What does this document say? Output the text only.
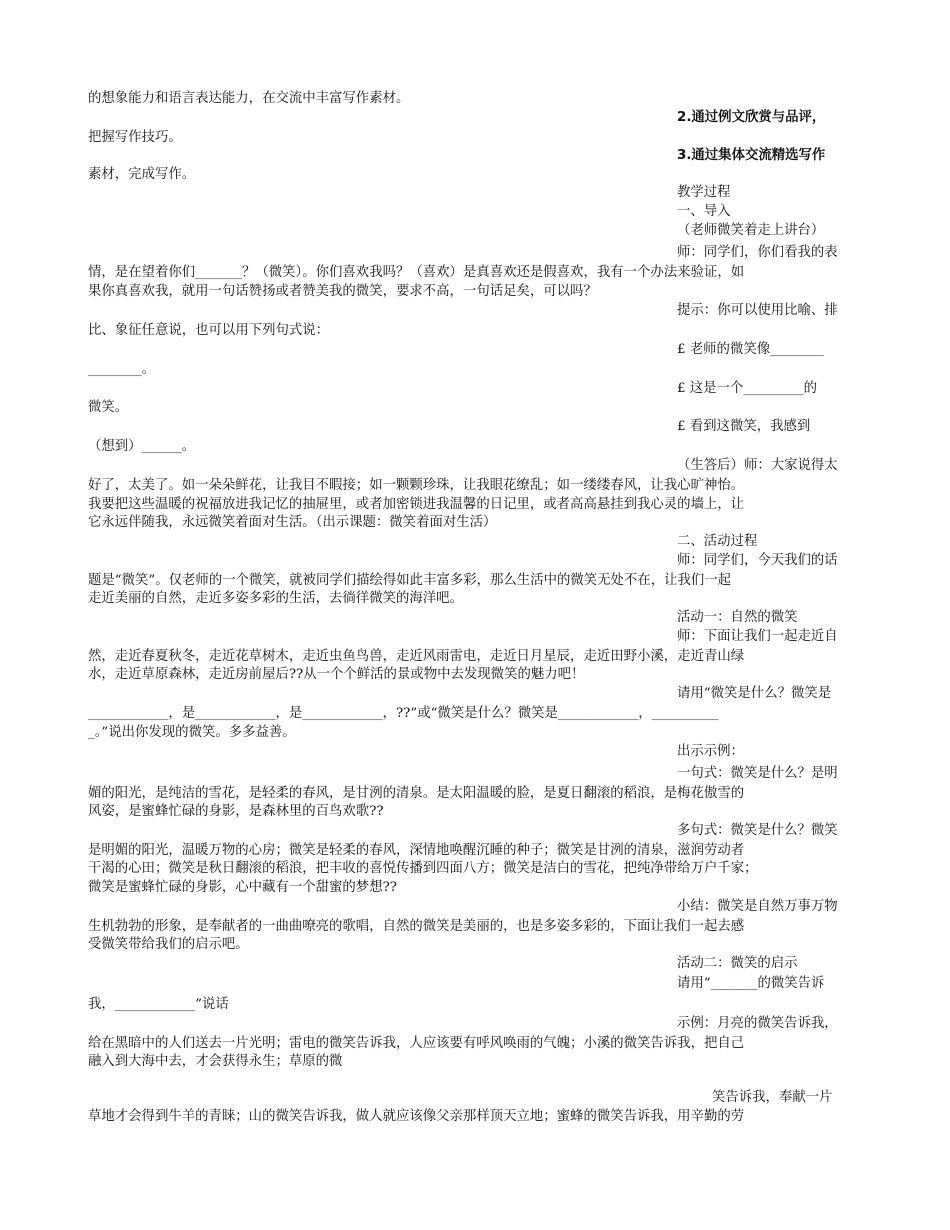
的想象能力和语言表达能力，在交流中丰富写作素材。
2.通过例文欣赏与品评，
把握写作技巧。
3.通过集体交流精选写作
素材，完成写作。
教学过程
一、导入
（老师微笑着走上讲台）
师：同学们，你们看我的表
情，是在望着你们_______？（微笑）。你们喜欢我吗？（喜欢）是真喜欢还是假喜欢，我有一个办法来验证，如
果你真喜欢我，就用一句话赞扬或者赞美我的微笑，要求不高，一句话足矣，可以吗？
提示：你可以使用比喻、排
比、象征任意说，也可以用下列句式说：
£ 老师的微笑像________
________。
£ 这是一个_________的
微笑。
£ 看到这微笑，我感到
（想到）______。
（生答后）师：大家说得太
好了，太美了。如一朵朵鲜花，让我目不暇接；如一颗颗珍珠，让我眼花缭乱；如一缕缕春风，让我心旷神怡。
我要把这些温暖的祝福放进我记忆的抽屉里，或者加密锁进我温馨的日记里，或者高高悬挂到我心灵的墙上，让
它永远伴随我，永远微笑着面对生活。（出示课题：微笑着面对生活）
二、活动过程
师：同学们，今天我们的话
题是“微笑”。仅老师的一个微笑，就被同学们描绘得如此丰富多彩，那么生活中的微笑无处不在，让我们一起
走近美丽的自然，走近多姿多彩的生活，去徜徉微笑的海洋吧。
活动一：自然的微笑
师：下面让我们一起走近自
然，走近春夏秋冬，走近花草树木，走近虫鱼鸟兽，走近风雨雷电，走近日月星辰，走近田野小溪，走近青山绿
水，走近草原森林，走近房前屋后??从一个个鲜活的景或物中去发现微笑的魅力吧！
请用“微笑是什么？微笑是
____________，是____________，是____________，??”或“微笑是什么？微笑是____________，__________
_。”说出你发现的微笑。多多益善。
出示示例：
一句式：微笑是什么？是明
媚的阳光，是纯洁的雪花，是轻柔的春风，是甘洌的清泉。是太阳温暖的脸，是夏日翻滚的稻浪，是梅花傲雪的
风姿，是蜜蜂忙碌的身影，是森林里的百鸟欢歌??
多句式：微笑是什么？微笑
是明媚的阳光，温暖万物的心房；微笑是轻柔的春风，深情地唤醒沉睡的种子；微笑是甘洌的清泉，滋润劳动者
干渴的心田；微笑是秋日翻滚的稻浪，把丰收的喜悦传播到四面八方；微笑是洁白的雪花，把纯净带给万户千家；
微笑是蜜蜂忙碌的身影，心中藏有一个甜蜜的梦想??
小结：微笑是自然万事万物
生机勃勃的形象，是奉献者的一曲曲嘹亮的歌唱，自然的微笑是美丽的，也是多姿多彩的，下面让我们一起去感
受微笑带给我们的启示吧。
活动二：微笑的启示
请用“_______的微笑告诉
我，____________”说话
示例：月亮的微笑告诉我，
给在黑暗中的人们送去一片光明；雷电的微笑告诉我，人应该要有呼风唤雨的气魄；小溪的微笑告诉我，把自己
融入到大海中去，才会获得永生；草原的微
笑告诉我，奉献一片
草地才会得到牛羊的青睐；山的微笑告诉我，做人就应该像父亲那样顶天立地；蜜蜂的微笑告诉我，用辛勤的劳
